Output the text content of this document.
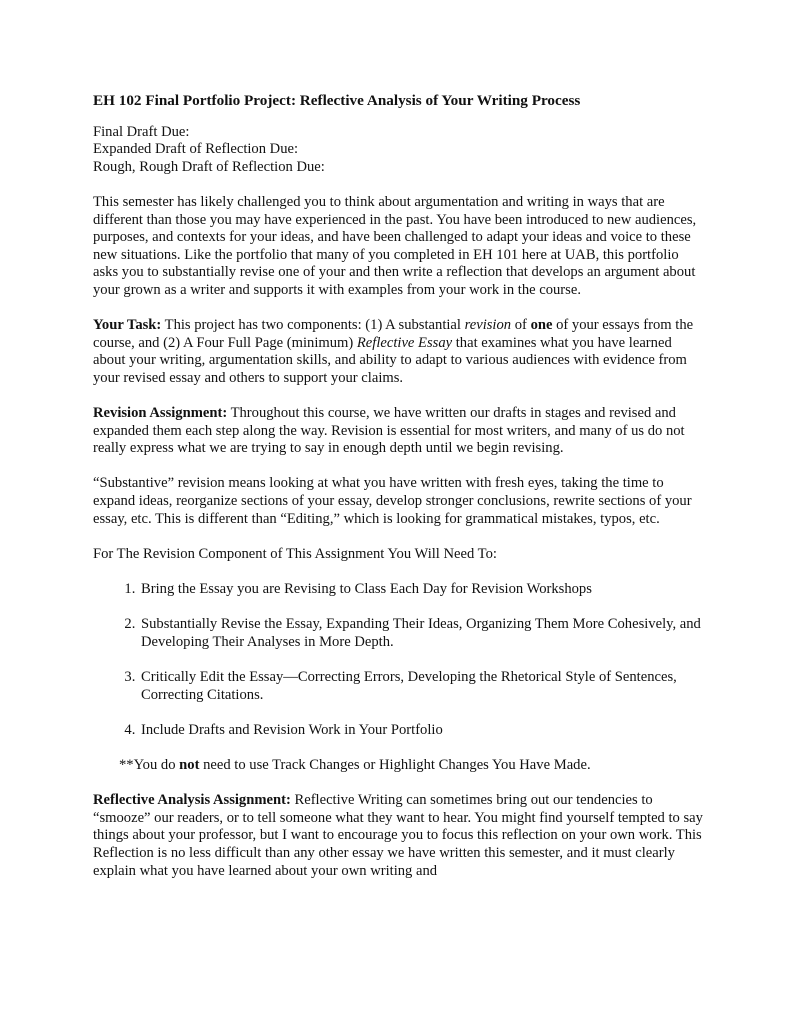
EH 102 Final Portfolio Project: Reflective Analysis of Your Writing Process
Final Draft Due:
Expanded Draft of Reflection Due:
Rough, Rough Draft of Reflection Due:

This semester has likely challenged you to think about argumentation and writing in ways that are different than those you may have experienced in the past. You have been introduced to new audiences, purposes, and contexts for your ideas, and have been challenged to adapt your ideas and voice to these new situations. Like the portfolio that many of you completed in EH 101 here at UAB, this portfolio asks you to substantially revise one of your and then write a reflection that develops an argument about your grown as a writer and supports it with examples from your work in the course.

Your Task: This project has two components: (1) A substantial revision of one of your essays from the course, and (2) A Four Full Page (minimum) Reflective Essay that examines what you have learned about your writing, argumentation skills, and ability to adapt to various audiences with evidence from your revised essay and others to support your claims.

Revision Assignment: Throughout this course, we have written our drafts in stages and revised and expanded them each step along the way. Revision is essential for most writers, and many of us do not really express what we are trying to say in enough depth until we begin revising.

“Substantive” revision means looking at what you have written with fresh eyes, taking the time to expand ideas, reorganize sections of your essay, develop stronger conclusions, rewrite sections of your essay, etc. This is different than “Editing,” which is looking for grammatical mistakes, typos, etc.

For The Revision Component of This Assignment You Will Need To:

1. Bring the Essay you are Revising to Class Each Day for Revision Workshops
2. Substantially Revise the Essay, Expanding Their Ideas, Organizing Them More Cohesively, and Developing Their Analyses in More Depth.
3. Critically Edit the Essay—Correcting Errors, Developing the Rhetorical Style of Sentences, Correcting Citations.
4. Include Drafts and Revision Work in Your Portfolio

**You do not need to use Track Changes or Highlight Changes You Have Made.

Reflective Analysis Assignment: Reflective Writing can sometimes bring out our tendencies to “smooze” our readers, or to tell someone what they want to hear. You might find yourself tempted to say things about your professor, but I want to encourage you to focus this reflection on your own work. This Reflection is no less difficult than any other essay we have written this semester, and it must clearly explain what you have learned about your own writing and
